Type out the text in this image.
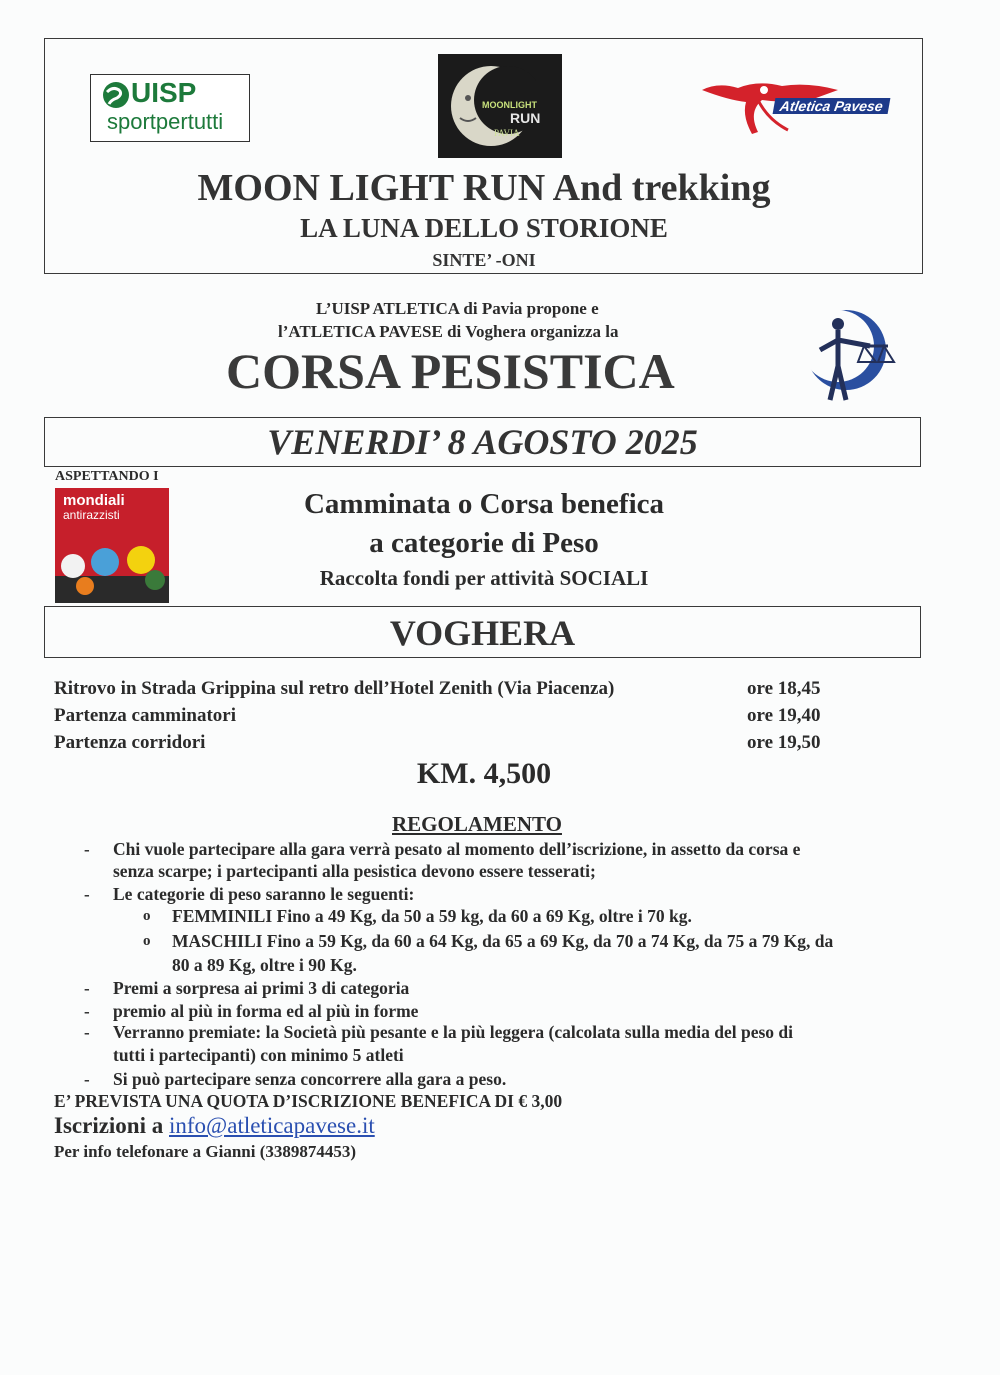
UISP
sportpertutti
MOONLIGHT
RUN
PAVIA
Atletica Pavese
MOON LIGHT RUN And trekking
LA LUNA DELLO STORIONE
SINTE’ -ONI
L’UISP ATLETICA di Pavia propone e
l’ATLETICA PAVESE di Voghera organizza la
CORSA PESISTICA
VENERDI’ 8 AGOSTO 2025
ASPETTANDO I
mondiali
antirazzisti	Camminata o Corsa benefica
a categorie di Peso
Raccolta fondi per attività SOCIALI
VOGHERA
Ritrovo in Strada Grippina sul retro dell’Hotel Zenith (Via Piacenza)	ore 18,45
Partenza camminatori	ore 19,40
Partenza corridori	ore 19,50
KM. 4,500
REGOLAMENTO
- Chi vuole partecipare alla gara verrà pesato al momento dell’iscrizione, in assetto da corsa e
senza scarpe; i partecipanti alla pesistica devono essere tesserati;
- Le categorie di peso saranno le seguenti:
o FEMMINILI Fino a 49 Kg, da 50 a 59 kg, da 60 a 69 Kg, oltre i 70 kg.
o MASCHILI Fino a 59 Kg, da 60 a 64 Kg, da 65 a 69 Kg, da 70 a 74 Kg, da 75 a 79 Kg, da
80 a 89 Kg, oltre i 90 Kg.
- Premi a sorpresa ai primi 3 di categoria
- premio al più in forma ed al più in forme
- Verranno premiate: la Società più pesante e la più leggera (calcolata sulla media del peso di
tutti i partecipanti) con minimo 5 atleti
- Si può partecipare senza concorrere alla gara a peso.
E’ PREVISTA UNA QUOTA D’ISCRIZIONE BENEFICA DI € 3,00
Iscrizioni a info@atleticapavese.it
Per info telefonare a Gianni (3389874453)
